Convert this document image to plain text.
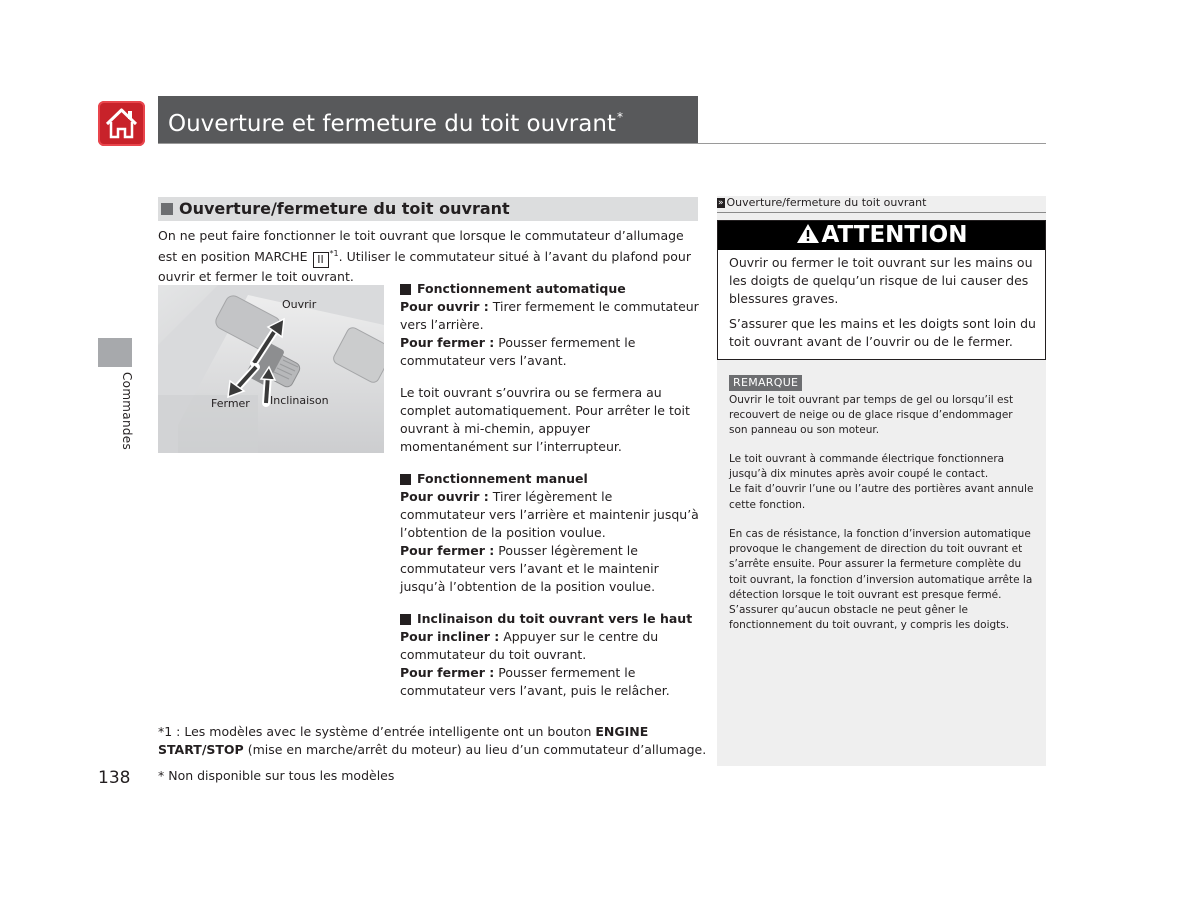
Ouverture et fermeture du toit ouvrant*
Commandes
Ouverture/fermeture du toit ouvrant
On ne peut faire fonctionner le toit ouvrant que lorsque le commutateur d’allumage est en position MARCHE II $^{*1}$. Utiliser le commutateur situé à l’avant du plafond pour ouvrir et fermer le toit ouvrant.
Ouvrir
Fermer Inclinaison
Fonctionnement automatique
Pour ouvrir : Tirer fermement le commutateur vers l’arrière.
Pour fermer : Pousser fermement le commutateur vers l’avant.
Le toit ouvrant s’ouvrira ou se fermera au complet automatiquement. Pour arrêter le toit ouvrant à mi-chemin, appuyer momentanément sur l’interrupteur.
Fonctionnement manuel
Pour ouvrir : Tirer légèrement le commutateur vers l’arrière et maintenir jusqu’à l’obtention de la position voulue.
Pour fermer : Pousser légèrement le commutateur vers l’avant et le maintenir jusqu’à l’obtention de la position voulue.
Inclinaison du toit ouvrant vers le haut
Pour incliner : Appuyer sur le centre du commutateur du toit ouvrant.
Pour fermer : Pousser fermement le commutateur vers l’avant, puis le relâcher.
*1 : Les modèles avec le système d’entrée intelligente ont un bouton ENGINE START/STOP (mise en marche/arrêt du moteur) au lieu d’un commutateur d’allumage.
* Non disponible sur tous les modèles
138
» Ouverture/fermeture du toit ouvrant
ATTENTION
Ouvrir ou fermer le toit ouvrant sur les mains ou les doigts de quelqu’un risque de lui causer des blessures graves.
S’assurer que les mains et les doigts sont loin du toit ouvrant avant de l’ouvrir ou de le fermer.
REMARQUE
Ouvrir le toit ouvrant par temps de gel ou lorsqu’il est recouvert de neige ou de glace risque d’endommager son panneau ou son moteur.
Le toit ouvrant à commande électrique fonctionnera jusqu’à dix minutes après avoir coupé le contact.
Le fait d’ouvrir l’une ou l’autre des portières avant annule cette fonction.
En cas de résistance, la fonction d’inversion automatique provoque le changement de direction du toit ouvrant et s’arrête ensuite. Pour assurer la fermeture complète du toit ouvrant, la fonction d’inversion automatique arrête la détection lorsque le toit ouvrant est presque fermé. S’assurer qu’aucun obstacle ne peut gêner le fonctionnement du toit ouvrant, y compris les doigts.
